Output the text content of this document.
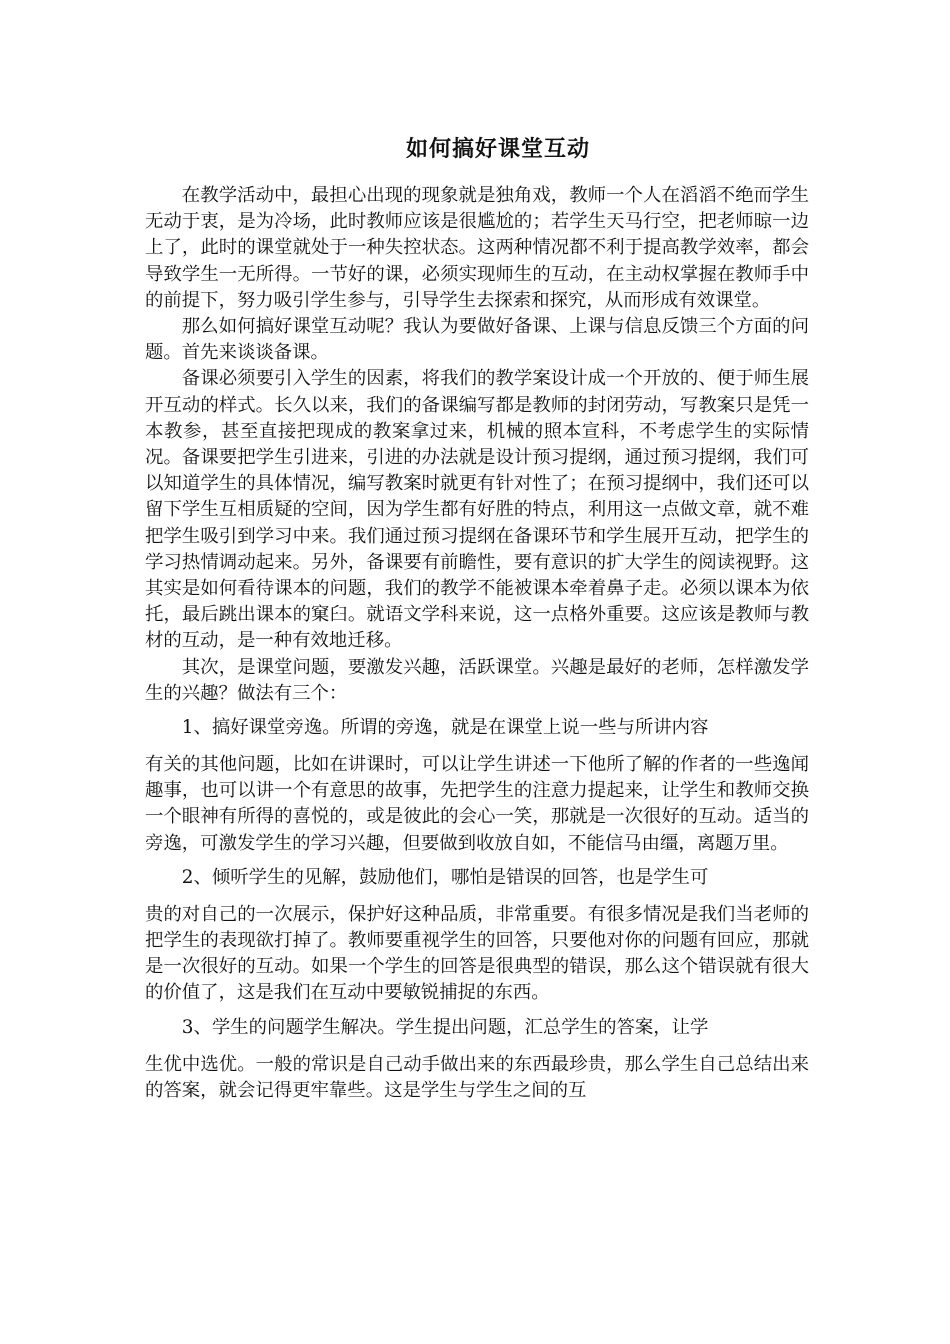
如何搞好课堂互动

在教学活动中，最担心出现的现象就是独角戏，教师一个人在滔滔不绝而学生无动于衷，是为冷场，此时教师应该是很尴尬的；若学生天马行空，把老师晾一边上了，此时的课堂就处于一种失控状态。这两种情况都不利于提高教学效率，都会导致学生一无所得。一节好的课，必须实现师生的互动，在主动权掌握在教师手中的前提下，努力吸引学生参与，引导学生去探索和探究，从而形成有效课堂。

那么如何搞好课堂互动呢？我认为要做好备课、上课与信息反馈三个方面的问题。首先来谈谈备课。

备课必须要引入学生的因素，将我们的教学案设计成一个开放的、便于师生展开互动的样式。长久以来，我们的备课编写都是教师的封闭劳动，写教案只是凭一本教参，甚至直接把现成的教案拿过来，机械的照本宣科，不考虑学生的实际情况。备课要把学生引进来，引进的办法就是设计预习提纲，通过预习提纲，我们可以知道学生的具体情况，编写教案时就更有针对性了；在预习提纲中，我们还可以留下学生互相质疑的空间，因为学生都有好胜的特点，利用这一点做文章，就不难把学生吸引到学习中来。我们通过预习提纲在备课环节和学生展开互动，把学生的学习热情调动起来。另外，备课要有前瞻性，要有意识的扩大学生的阅读视野。这其实是如何看待课本的问题，我们的教学不能被课本牵着鼻子走。必须以课本为依托，最后跳出课本的窠臼。就语文学科来说，这一点格外重要。这应该是教师与教材的互动，是一种有效地迁移。

其次，是课堂问题，要激发兴趣，活跃课堂。兴趣是最好的老师，怎样激发学生的兴趣？做法有三个：

1、搞好课堂旁逸。所谓的旁逸，就是在课堂上说一些与所讲内容
有关的其他问题，比如在讲课时，可以让学生讲述一下他所了解的作者的一些逸闻趣事，也可以讲一个有意思的故事，先把学生的注意力提起来，让学生和教师交换一个眼神有所得的喜悦的，或是彼此的会心一笑，那就是一次很好的互动。适当的旁逸，可激发学生的学习兴趣，但要做到收放自如，不能信马由缰，离题万里。
2、倾听学生的见解，鼓励他们，哪怕是错误的回答，也是学生可
贵的对自己的一次展示，保护好这种品质，非常重要。有很多情况是我们当老师的把学生的表现欲打掉了。教师要重视学生的回答，只要他对你的问题有回应，那就是一次很好的互动。如果一个学生的回答是很典型的错误，那么这个错误就有很大的价值了，这是我们在互动中要敏锐捕捉的东西。
3、学生的问题学生解决。学生提出问题，汇总学生的答案，让学
生优中选优。一般的常识是自己动手做出来的东西最珍贵，那么学生自己总结出来的答案，就会记得更牢靠些。这是学生与学生之间的互
